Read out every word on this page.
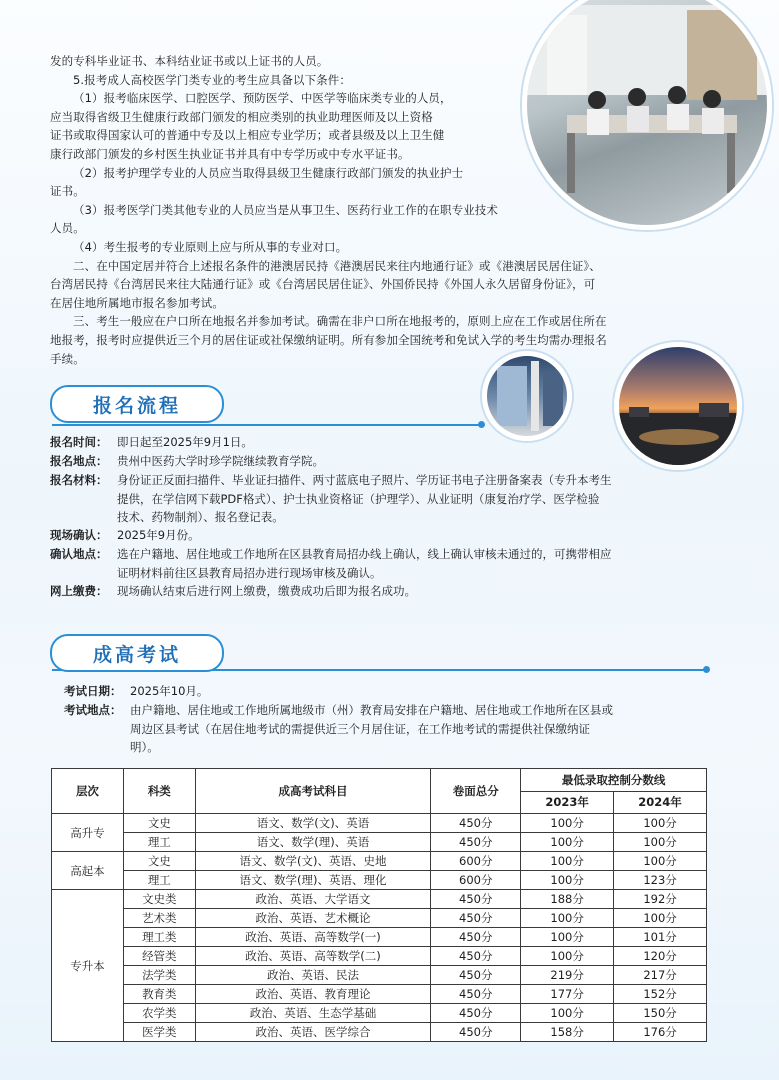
发的专科毕业证书、本科结业证书或以上证书的人员。
5.报考成人高校医学门类专业的考生应具备以下条件：
（1）报考临床医学、口腔医学、预防医学、中医学等临床类专业的人员，
应当取得省级卫生健康行政部门颁发的相应类别的执业助理医师及以上资格
证书或取得国家认可的普通中专及以上相应专业学历；或者县级及以上卫生健
康行政部门颁发的乡村医生执业证书并具有中专学历或中专水平证书。
（2）报考护理学专业的人员应当取得县级卫生健康行政部门颁发的执业护士
证书。
（3）报考医学门类其他专业的人员应当是从事卫生、医药行业工作的在职专业技术
人员。
（4）考生报考的专业原则上应与所从事的专业对口。
二、在中国定居并符合上述报名条件的港澳居民持《港澳居民来往内地通行证》或《港澳居民居住证》、
台湾居民持《台湾居民来往大陆通行证》或《台湾居民居住证》、外国侨民持《外国人永久居留身份证》，可
在居住地所属地市报名参加考试。
三、考生一般应在户口所在地报名并参加考试。确需在非户口所在地报考的，原则上应在工作或居住所在
地报考，报考时应提供近三个月的居住证或社保缴纳证明。所有参加全国统考和免试入学的考生均需办理报名
手续。
报名流程
报名时间： 即日起至2025年9月1日。
报名地点： 贵州中医药大学时珍学院继续教育学院。
报名材料： 身份证正反面扫描件、毕业证扫描件、两寸蓝底电子照片、学历证书电子注册备案表（专升本考生
提供，在学信网下载PDF格式）、护士执业资格证（护理学）、从业证明（康复治疗学、医学检验
技术、药物制剂）、报名登记表。
现场确认： 2025年9月份。
确认地点： 选在户籍地、居住地或工作地所在区县教育局招办线上确认，线上确认审核未通过的，可携带相应
证明材料前往区县教育局招办进行现场审核及确认。
网上缴费： 现场确认结束后进行网上缴费，缴费成功后即为报名成功。
成高考试
考试日期： 2025年10月。
考试地点： 由户籍地、居住地或工作地所属地级市（州）教育局安排在户籍地、居住地或工作地所在区县或
周边区县考试（在居住地考试的需提供近三个月居住证，在工作地考试的需提供社保缴纳证
明）。
层次	科类	成高考试科目	卷面总分	最低录取控制分数线	
				2023年	2024年
高升专	文史	语文、数学(文)、英语	450分	100分	100分
	理工	语文、数学(理)、英语	450分	100分	100分
高起本	文史	语文、数学(文)、英语、史地	600分	100分	100分
	理工	语文、数学(理)、英语、理化	600分	100分	123分
专升本	文史类	政治、英语、大学语文	450分	188分	192分
	艺术类	政治、英语、艺术概论	450分	100分	100分
	理工类	政治、英语、高等数学(一)	450分	100分	101分
	经管类	政治、英语、高等数学(二)	450分	100分	120分
	法学类	政治、英语、民法	450分	219分	217分
	教育类	政治、英语、教育理论	450分	177分	152分
	农学类	政治、英语、生态学基础	450分	100分	150分
	医学类	政治、英语、医学综合	450分	158分	176分
